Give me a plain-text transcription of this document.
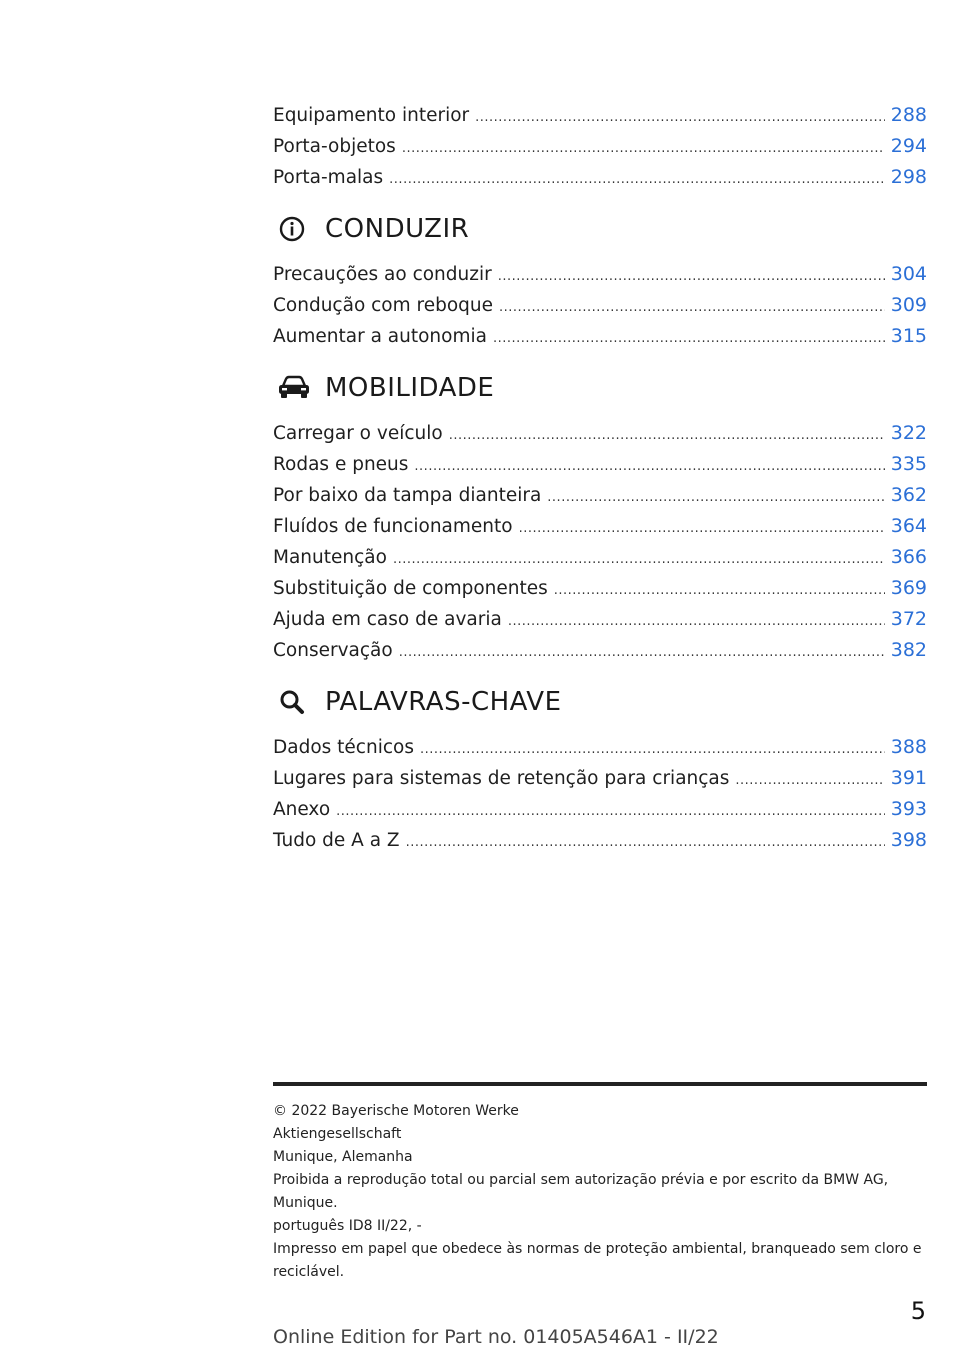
Equipamento interior .....	288
Porta-objetos .....	294
Porta-malas .....	298
CONDUZIR
Precauções ao conduzir .....	304
Condução com reboque .....	309
Aumentar a autonomia .....	315
MOBILIDADE
Carregar o veículo .....	322
Rodas e pneus .....	335
Por baixo da tampa dianteira .....	362
Fluídos de funcionamento .....	364
Manutenção .....	366
Substituição de componentes .....	369
Ajuda em caso de avaria .....	372
Conservação .....	382
PALAVRAS-CHAVE
Dados técnicos .....	388
Lugares para sistemas de retenção para crianças .....	391
Anexo .....	393
Tudo de A a Z .....	398
© 2022 Bayerische Motoren Werke
Aktiengesellschaft
Munique, Alemanha
Proibida a reprodução total ou parcial sem autorização prévia e por escrito da BMW AG, Munique.
português ID8 II/22, -
Impresso em papel que obedece às normas de proteção ambiental, branqueado sem cloro e reciclável.
5
Online Edition for Part no. 01405A546A1 - II/22
